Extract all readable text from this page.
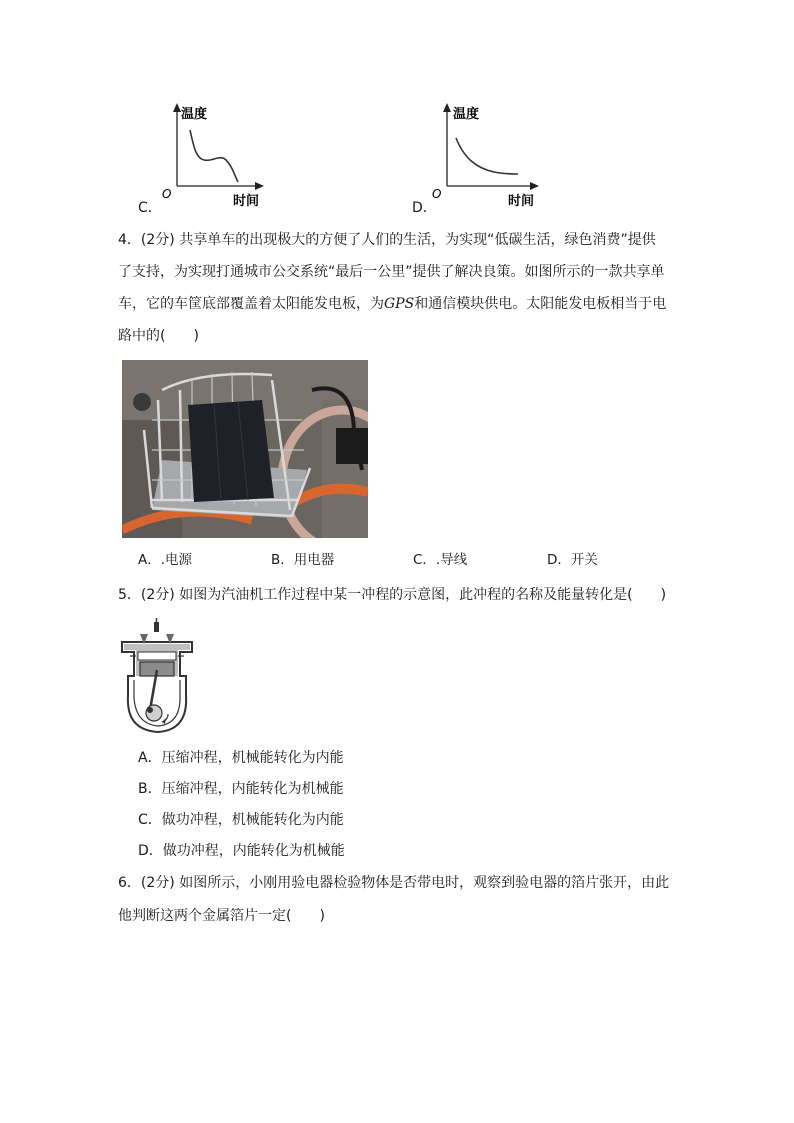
温度
时间
O
C．
温度
时间
O
D．
4．(2分) 共享单车的出现极大的方便了人们的生活，为实现“低碳生活，绿色消费”提供
了支持，为实现打通城市公交系统“最后一公里”提供了解决良策。如图所示的一款共享单
车，它的车筐底部覆盖着太阳能发电板，为GPS和通信模块供电。太阳能发电板相当于电
路中的(　　)
A．.电源	B．用电器	C．.导线	D．开关
5．(2分) 如图为汽油机工作过程中某一冲程的示意图，此冲程的名称及能量转化是(　　)
A．压缩冲程，机械能转化为内能
B．压缩冲程，内能转化为机械能
C．做功冲程，机械能转化为内能
D．做功冲程，内能转化为机械能
6．(2分) 如图所示，小刚用验电器检验物体是否带电时，观察到验电器的箔片张开，由此
他判断这两个金属箔片一定(　　)
